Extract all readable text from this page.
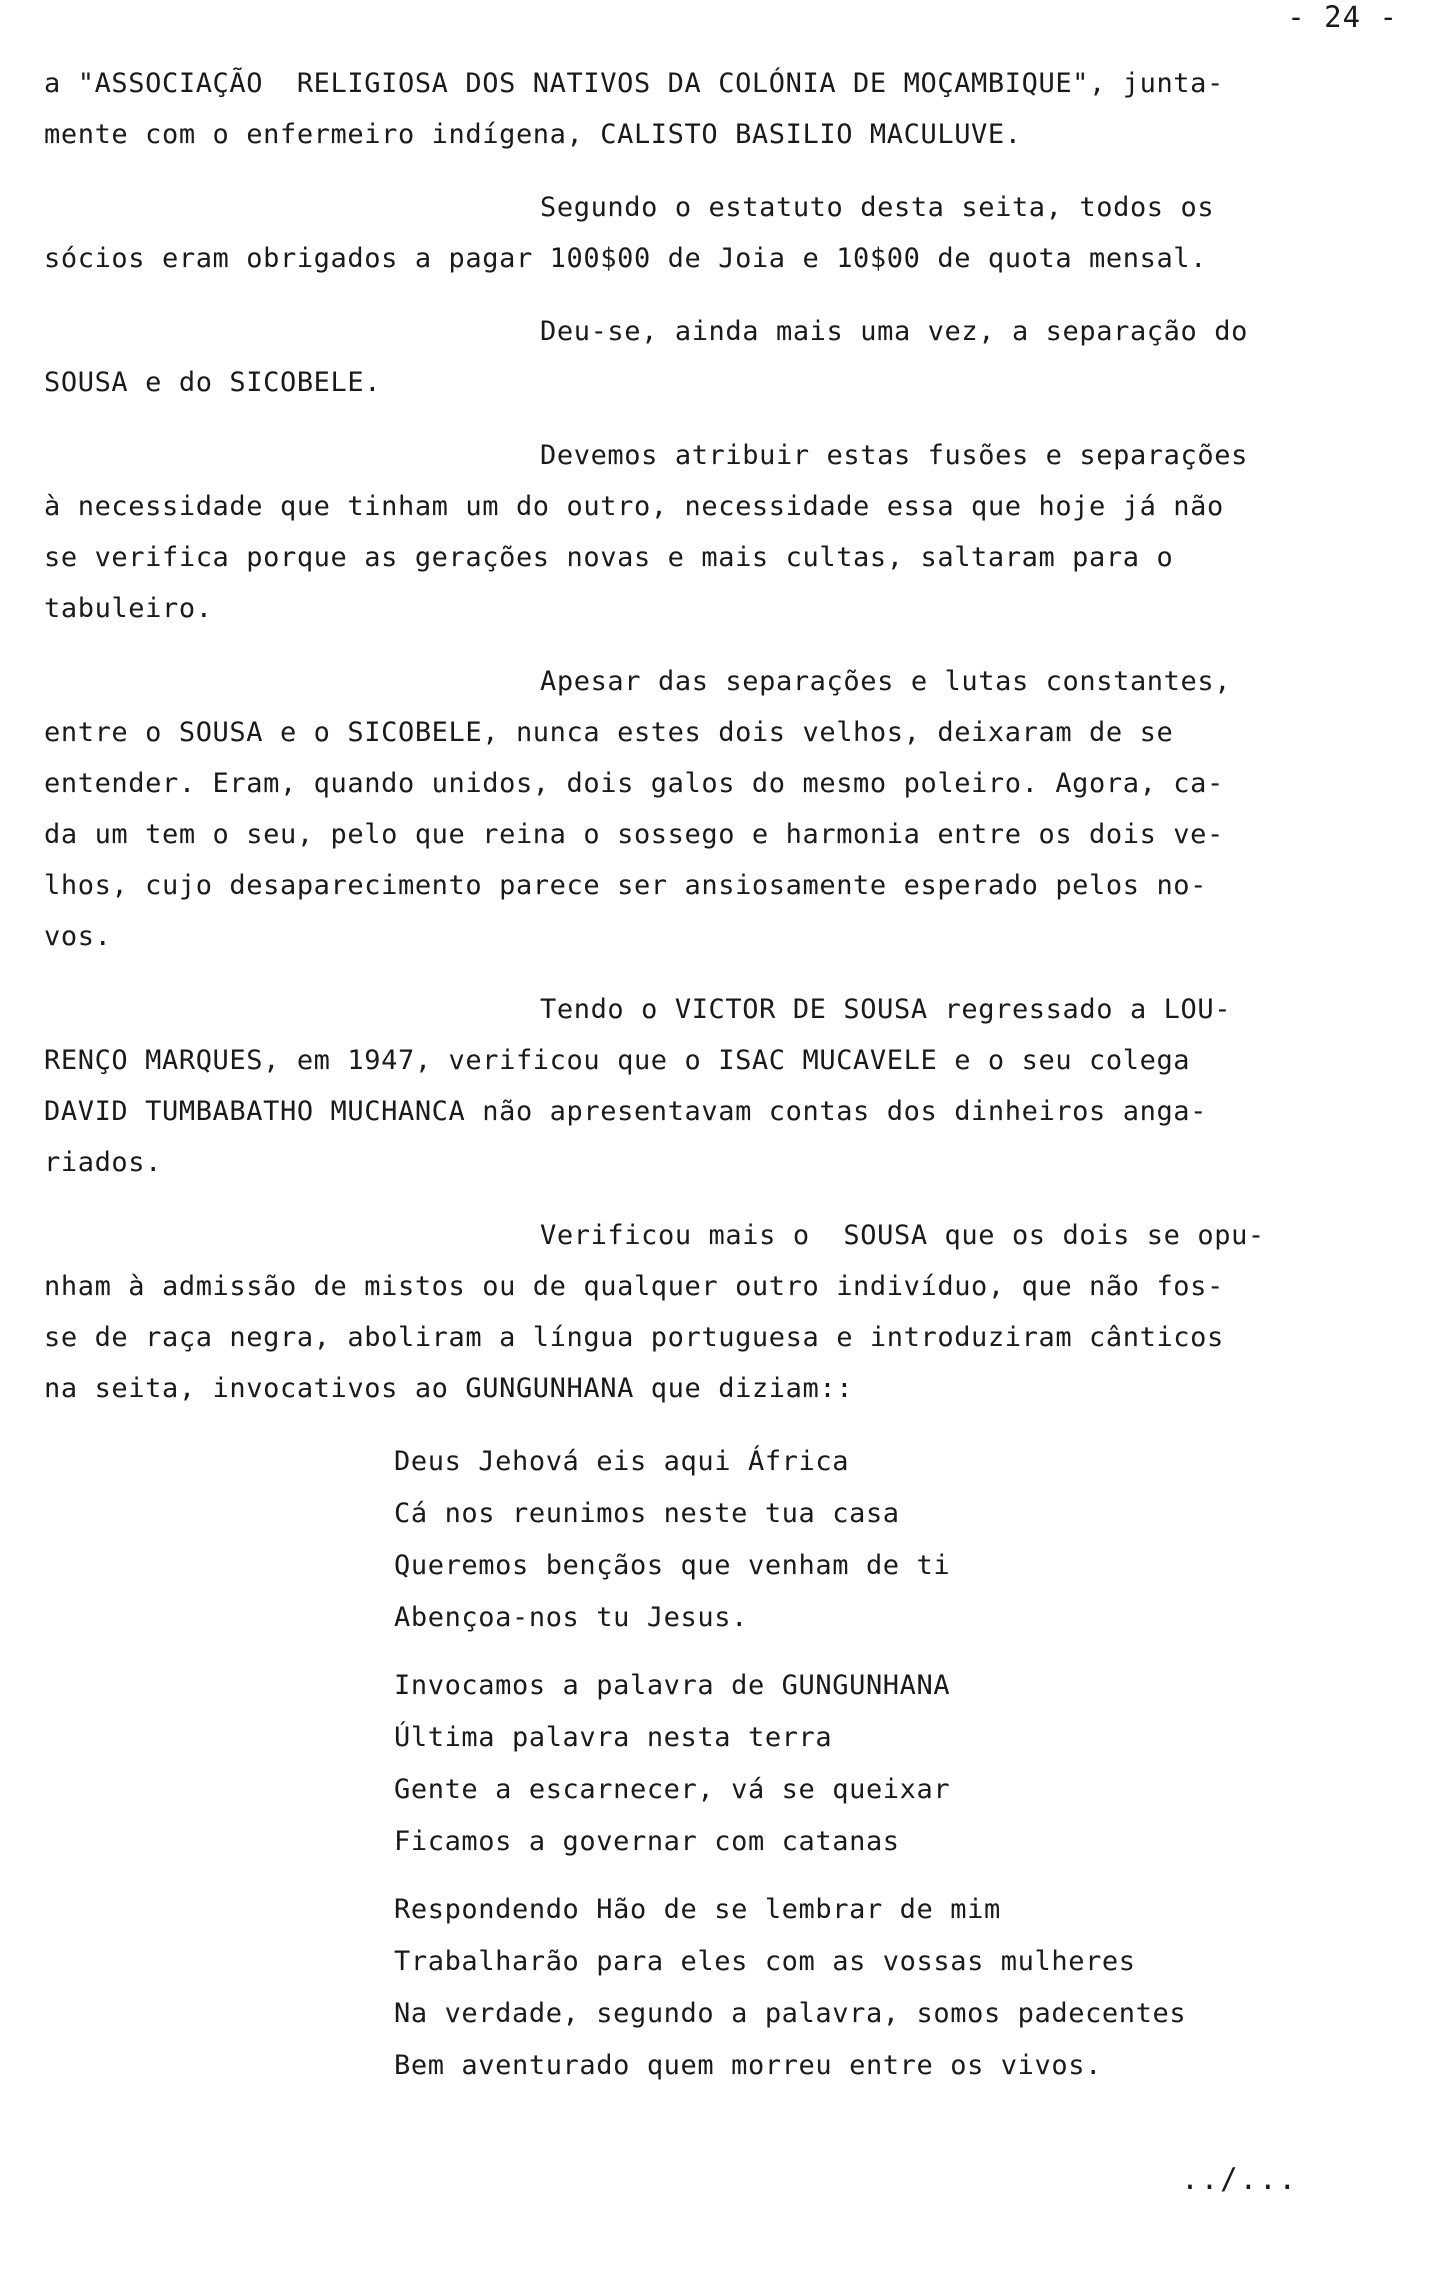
- 24 -
a "ASSOCIAÇÃO  RELIGIOSA DOS NATIVOS DA COLÓNIA DE MOÇAMBIQUE", junta-
mente com o enfermeiro indígena, CALISTO BASILIO MACULUVE.
Segundo o estatuto desta seita, todos os
sócios eram obrigados a pagar 100$00 de Joia e 10$00 de quota mensal.
Deu-se, ainda mais uma vez, a separação do
SOUSA e do SICOBELE.
Devemos atribuir estas fusões e separações
à necessidade que tinham um do outro, necessidade essa que hoje já não
se verifica porque as gerações novas e mais cultas, saltaram para o
tabuleiro.
Apesar das separações e lutas constantes,
entre o SOUSA e o SICOBELE, nunca estes dois velhos, deixaram de se
entender. Eram, quando unidos, dois galos do mesmo poleiro. Agora, ca-
da um tem o seu, pelo que reina o sossego e harmonia entre os dois ve-
lhos, cujo desaparecimento parece ser ansiosamente esperado pelos no-
vos.
Tendo o VICTOR DE SOUSA regressado a LOU-
RENÇO MARQUES, em 1947, verificou que o ISAC MUCAVELE e o seu colega
DAVID TUMBABATHO MUCHANCA não apresentavam contas dos dinheiros anga-
riados.
Verificou mais o  SOUSA que os dois se opu-
nham à admissão de mistos ou de qualquer outro indivíduo, que não fos-
se de raça negra, aboliram a língua portuguesa e introduziram cânticos
na seita, invocativos ao GUNGUNHANA que diziam::
Deus Jehová eis aqui África
Cá nos reunimos neste tua casa
Queremos bençãos que venham de ti
Abençoa-nos tu Jesus.
Invocamos a palavra de GUNGUNHANA
Última palavra nesta terra
Gente a escarnecer, vá se queixar
Ficamos a governar com catanas
Respondendo Hão de se lembrar de mim
Trabalharão para eles com as vossas mulheres
Na verdade, segundo a palavra, somos padecentes
Bem aventurado quem morreu entre os vivos.
../...
